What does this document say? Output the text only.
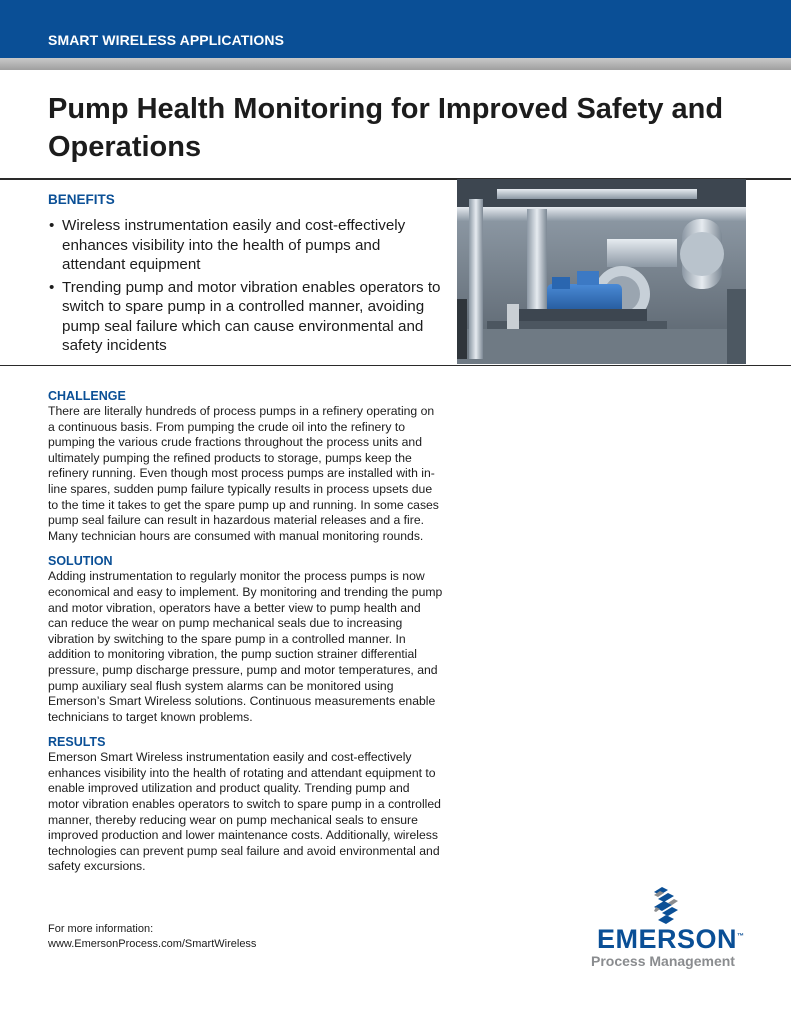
SMART WIRELESS APPLICATIONS
Pump Health Monitoring for Improved Safety and Operations
BENEFITS
• Wireless instrumentation easily and cost-effectively enhances visibility into the health of pumps and attendant equipment
• Trending pump and motor vibration enables operators to switch to spare pump in a controlled manner, avoiding pump seal failure which can cause environmental and safety incidents
CHALLENGE

There are literally hundreds of process pumps in a refinery operating on a continuous basis. From pumping the crude oil into the refinery to pumping the various crude fractions throughout the process units and ultimately pumping the refined products to storage, pumps keep the refinery running. Even though most process pumps are installed with in-line spares, sudden pump failure typically results in process upsets due to the time it takes to get the spare pump up and running. In some cases pump seal failure can result in hazardous material releases and a fire. Many technician hours are consumed with manual monitoring rounds.

SOLUTION

Adding instrumentation to regularly monitor the process pumps is now economical and easy to implement. By monitoring and trending the pump and motor vibration, operators have a better view to pump health and can reduce the wear on pump mechanical seals due to increasing vibration by switching to the spare pump in a controlled manner. In addition to monitoring vibration, the pump suction strainer differential pressure, pump discharge pressure, pump and motor temperatures, and pump auxiliary seal flush system alarms can be monitored using Emerson’s Smart Wireless solutions. Continuous measurements enable technicians to target known problems.

RESULTS

Emerson Smart Wireless instrumentation easily and cost-effectively enhances visibility into the health of rotating and attendant equipment to enable improved utilization and product quality. Trending pump and motor vibration enables operators to switch to spare pump in a controlled manner, thereby reducing wear on pump mechanical seals to ensure improved production and lower maintenance costs. Additionally, wireless technologies can prevent pump seal failure and avoid environmental and safety excursions.

For more information:
www.EmersonProcess.com/SmartWireless	EMERSON™
Process Management
